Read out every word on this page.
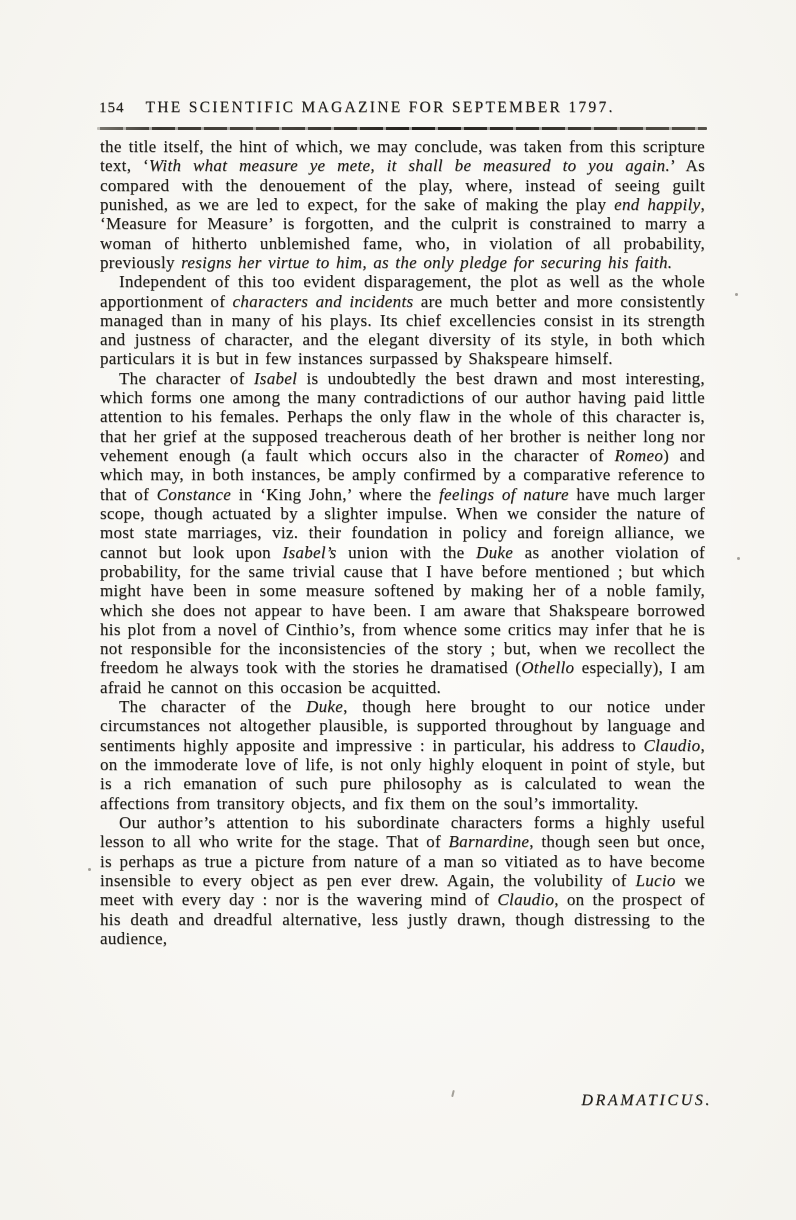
154 THE SCIENTIFIC MAGAZINE FOR SEPTEMBER 1797.

the title itself, the hint of which, we may conclude, was taken from this scripture text, ‘With what measure ye mete, it shall be measured to you again.’ As compared with the denouement of the play, where, instead of seeing guilt punished, as we are led to expect, for the sake of making the play end happily, ‘Measure for Measure’ is forgotten, and the culprit is constrained to marry a woman of hitherto unblemished fame, who, in violation of all probability, previously resigns her virtue to him, as the only pledge for securing his faith.

Independent of this too evident disparagement, the plot as well as the whole apportionment of characters and incidents are much better and more consistently managed than in many of his plays. Its chief excellencies consist in its strength and justness of character, and the elegant diversity of its style, in both which particulars it is but in few instances surpassed by Shakspeare himself.

The character of Isabel is undoubtedly the best drawn and most interesting, which forms one among the many contradictions of our author having paid little attention to his females. Perhaps the only flaw in the whole of this character is, that her grief at the supposed treacherous death of her brother is neither long nor vehement enough (a fault which occurs also in the character of Romeo) and which may, in both instances, be amply confirmed by a comparative reference to that of Constance in ‘King John,’ where the feelings of nature have much larger scope, though actuated by a slighter impulse. When we consider the nature of most state marriages, viz. their foundation in policy and foreign alliance, we cannot but look upon Isabel’s union with the Duke as another violation of probability, for the same trivial cause that I have before mentioned ; but which might have been in some measure softened by making her of a noble family, which she does not appear to have been. I am aware that Shakspeare borrowed his plot from a novel of Cinthio’s, from whence some critics may infer that he is not responsible for the inconsistencies of the story ; but, when we recollect the freedom he always took with the stories he dramatised (Othello especially), I am afraid he cannot on this occasion be acquitted.

The character of the Duke, though here brought to our notice under circumstances not altogether plausible, is supported throughout by language and sentiments highly apposite and impressive : in particular, his address to Claudio, on the immoderate love of life, is not only highly eloquent in point of style, but is a rich emanation of such pure philosophy as is calculated to wean the affections from transitory objects, and fix them on the soul’s immortality.

Our author’s attention to his subordinate characters forms a highly useful lesson to all who write for the stage. That of Barnardine, though seen but once, is perhaps as true a picture from nature of a man so vitiated as to have become insensible to every object as pen ever drew. Again, the volubility of Lucio we meet with every day : nor is the wavering mind of Claudio, on the prospect of his death and dreadful alternative, less justly drawn, though distressing to the audience,

DRAMATICUS.
